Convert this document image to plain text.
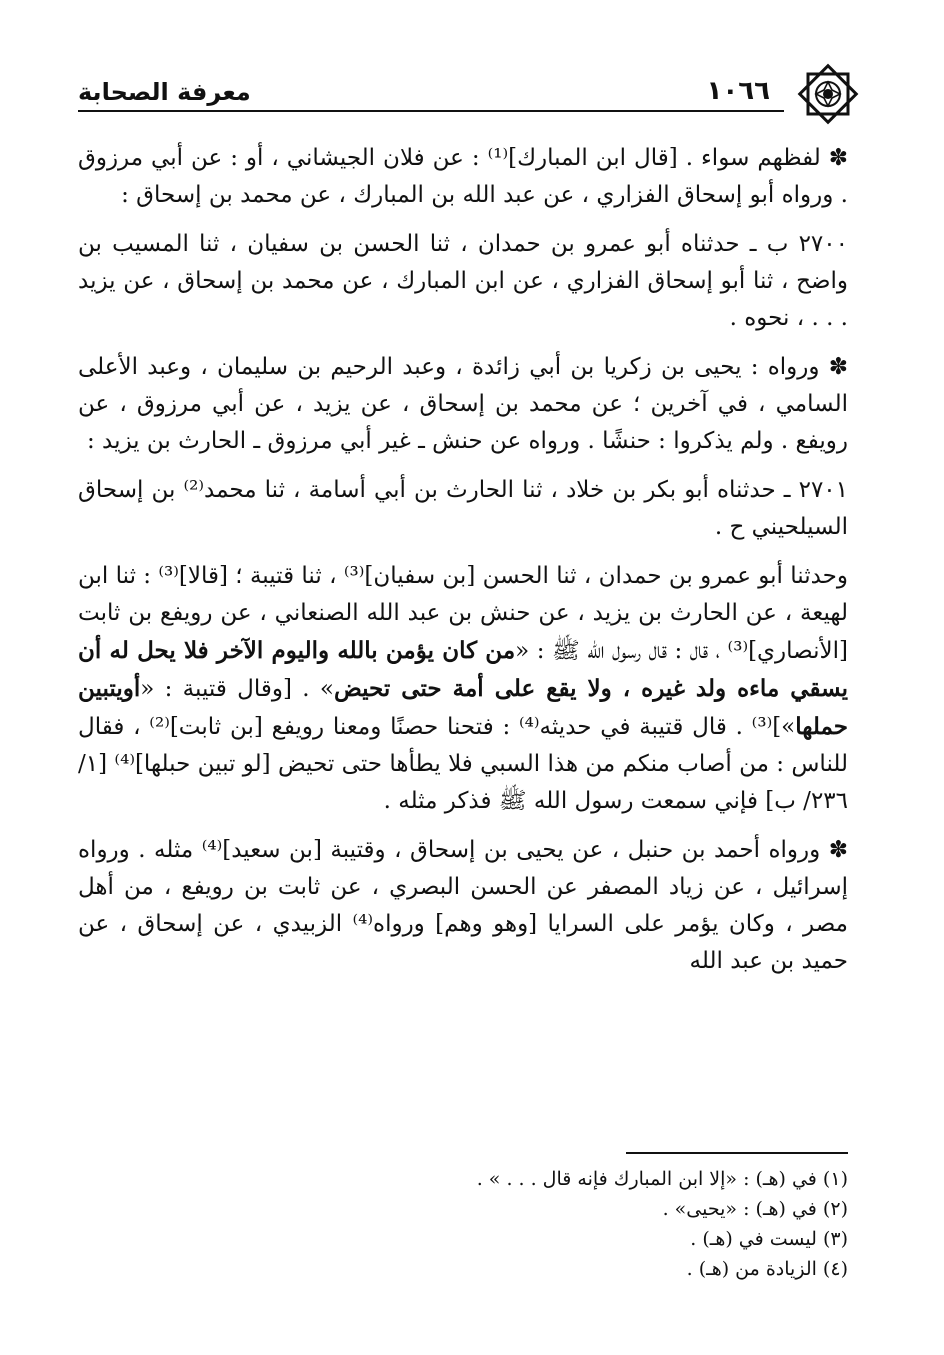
معرفة الصحابة	١٠٦٦

✽ لفظهم سواء . [قال ابن المبارك]⁽¹⁾ : عن فلان الجيشاني ، أو : عن أبي مرزوق . ورواه أبو إسحاق الفزاري ، عن عبد الله بن المبارك ، عن محمد بن إسحاق :

٢٧٠٠ ب ـ حدثناه أبو عمرو بن حمدان ، ثنا الحسن بن سفيان ، ثنا المسيب بن واضح ، ثنا أبو إسحاق الفزاري ، عن ابن المبارك ، عن محمد بن إسحاق ، عن يزيد . . . ، نحوه .

✽ ورواه : يحيى بن زكريا بن أبي زائدة ، وعبد الرحيم بن سليمان ، وعبد الأعلى السامي ، في آخرين ؛ عن محمد بن إسحاق ، عن يزيد ، عن أبي مرزوق ، عن رويفع . ولم يذكروا : حنشًا . ورواه عن حنش ـ غير أبي مرزوق ـ الحارث بن يزيد :

٢٧٠١ ـ حدثناه أبو بكر بن خلاد ، ثنا الحارث بن أبي أسامة ، ثنا محمد⁽²⁾ بن إسحاق السيلحيني ح .

وحدثنا أبو عمرو بن حمدان ، ثنا الحسن [بن سفيان]⁽³⁾ ، ثنا قتيبة ؛ [قالا]⁽³⁾ : ثنا ابن لهيعة ، عن الحارث بن يزيد ، عن حنش بن عبد الله الصنعاني ، عن رويفع بن ثابت [الأنصاري]⁽³⁾ ، قال : قال رسول الله ﷺ : «من كان يؤمن بالله واليوم الآخر فلا يحل له أن يسقي ماءه ولد غيره ، ولا يقع على أمة حتى تحيض» . [وقال قتيبة : «أويتبين حملها»]⁽³⁾ . قال قتيبة في حديثه⁽⁴⁾ : فتحنا حصنًا ومعنا رويفع [بن ثابت]⁽²⁾ ، فقال للناس : من أصاب منكم من هذا السبي فلا يطأها حتى تحيض [لو تبين حبلها]⁽⁴⁾ [١/ ٢٣٦/ ب] فإني سمعت رسول الله ﷺ فذكر مثله .

✽ ورواه أحمد بن حنبل ، عن يحيى بن إسحاق ، وقتيبة [بن سعيد]⁽⁴⁾ مثله . ورواه إسرائيل ، عن زياد المصفر عن الحسن البصري ، عن ثابت بن رويفع ، من أهل مصر ، وكان يؤمر على السرايا [وهو وهم] ورواه⁽⁴⁾ الزبيدي ، عن إسحاق ، عن حميد بن عبد الله

(١) في (هـ) : «إلا ابن المبارك فإنه قال . . . » .
(٢) في (هـ) : «يحيى» .
(٣) ليست في (هـ) .
(٤) الزيادة من (هـ) .
